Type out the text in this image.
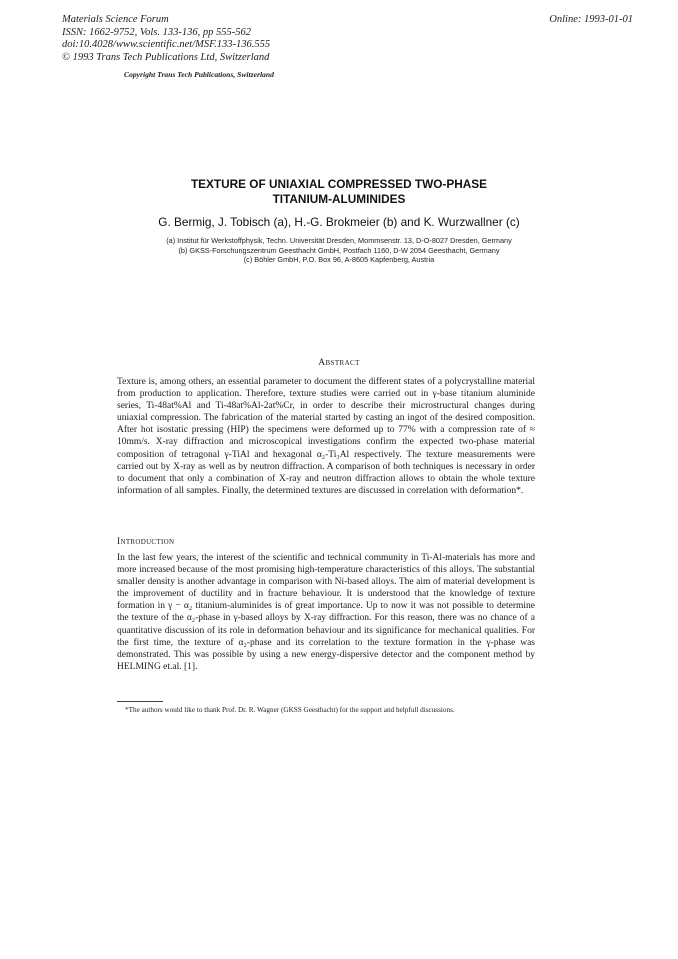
Materials Science Forum
ISSN: 1662-9752, Vols. 133-136, pp 555-562
doi:10.4028/www.scientific.net/MSF.133-136.555
© 1993 Trans Tech Publications Ltd, Switzerland
Online: 1993-01-01
Copyright Trans Tech Publications, Switzerland
TEXTURE OF UNIAXIAL COMPRESSED TWO-PHASE
TITANIUM-ALUMINIDES
G. Bermig, J. Tobisch (a), H.-G. Brokmeier (b) and K. Wurzwallner (c)
(a) Institut für Werkstoffphysik, Techn. Universität Dresden, Mommsenstr. 13, D-O-8027 Dresden, Germany
(b) GKSS-Forschungszentrum Geesthacht GmbH, Postfach 1160, D-W 2054 Geesthacht, Germany
(c) Böhler GmbH, P.O. Box 96, A-8605 Kapfenberg, Austria
Abstract

Texture is, among others, an essential parameter to document the different states of a polycrystalline material from production to application. Therefore, texture studies were carried out in γ-base titanium aluminide series, Ti-48at%Al and Ti-48at%Al-2at%Cr, in order to describe their microstructural changes during uniaxial compression. The fabrication of the material started by casting an ingot of the desired composition. After hot isostatic pressing (HIP) the specimens were deformed up to 77% with a compression rate of ≈ 10mm/s. X-ray diffraction and microscopical investigations confirm the expected two-phase material composition of tetragonal γ-TiAl and hexagonal α₂-Ti₃Al respectively. The texture measurements were carried out by X-ray as well as by neutron diffraction. A comparison of both techniques is necessary in order to document that only a combination of X-ray and neutron diffraction allows to obtain the whole texture information of all samples. Finally, the determined textures are discussed in correlation with deformation*.

Introduction

In the last few years, the interest of the scientific and technical community in Ti-Al-materials has more and more increased because of the most promising high-temperature characteristics of this alloys. The substantial smaller density is another advantage in comparison with Ni-based alloys. The aim of material development is the improvement of ductility and in fracture behaviour. It is understood that the knowledge of texture formation in γ − α₂ titanium-aluminides is of great importance. Up to now it was not possible to determine the texture of the α₂-phase in γ-based alloys by X-ray diffraction. For this reason, there was no chance of a quantitative discussion of its role in deformation behaviour and its significance for mechanical qualities. For the first time, the texture of α₂-phase and its correlation to the texture formation in the γ-phase was demonstrated. This was possible by using a new energy-dispersive detector and the component method by HELMING et.al. [1].

*The authors would like to thank Prof. Dr. R. Wagner (GKSS Geesthacht) for the support and helpfull discussions.
